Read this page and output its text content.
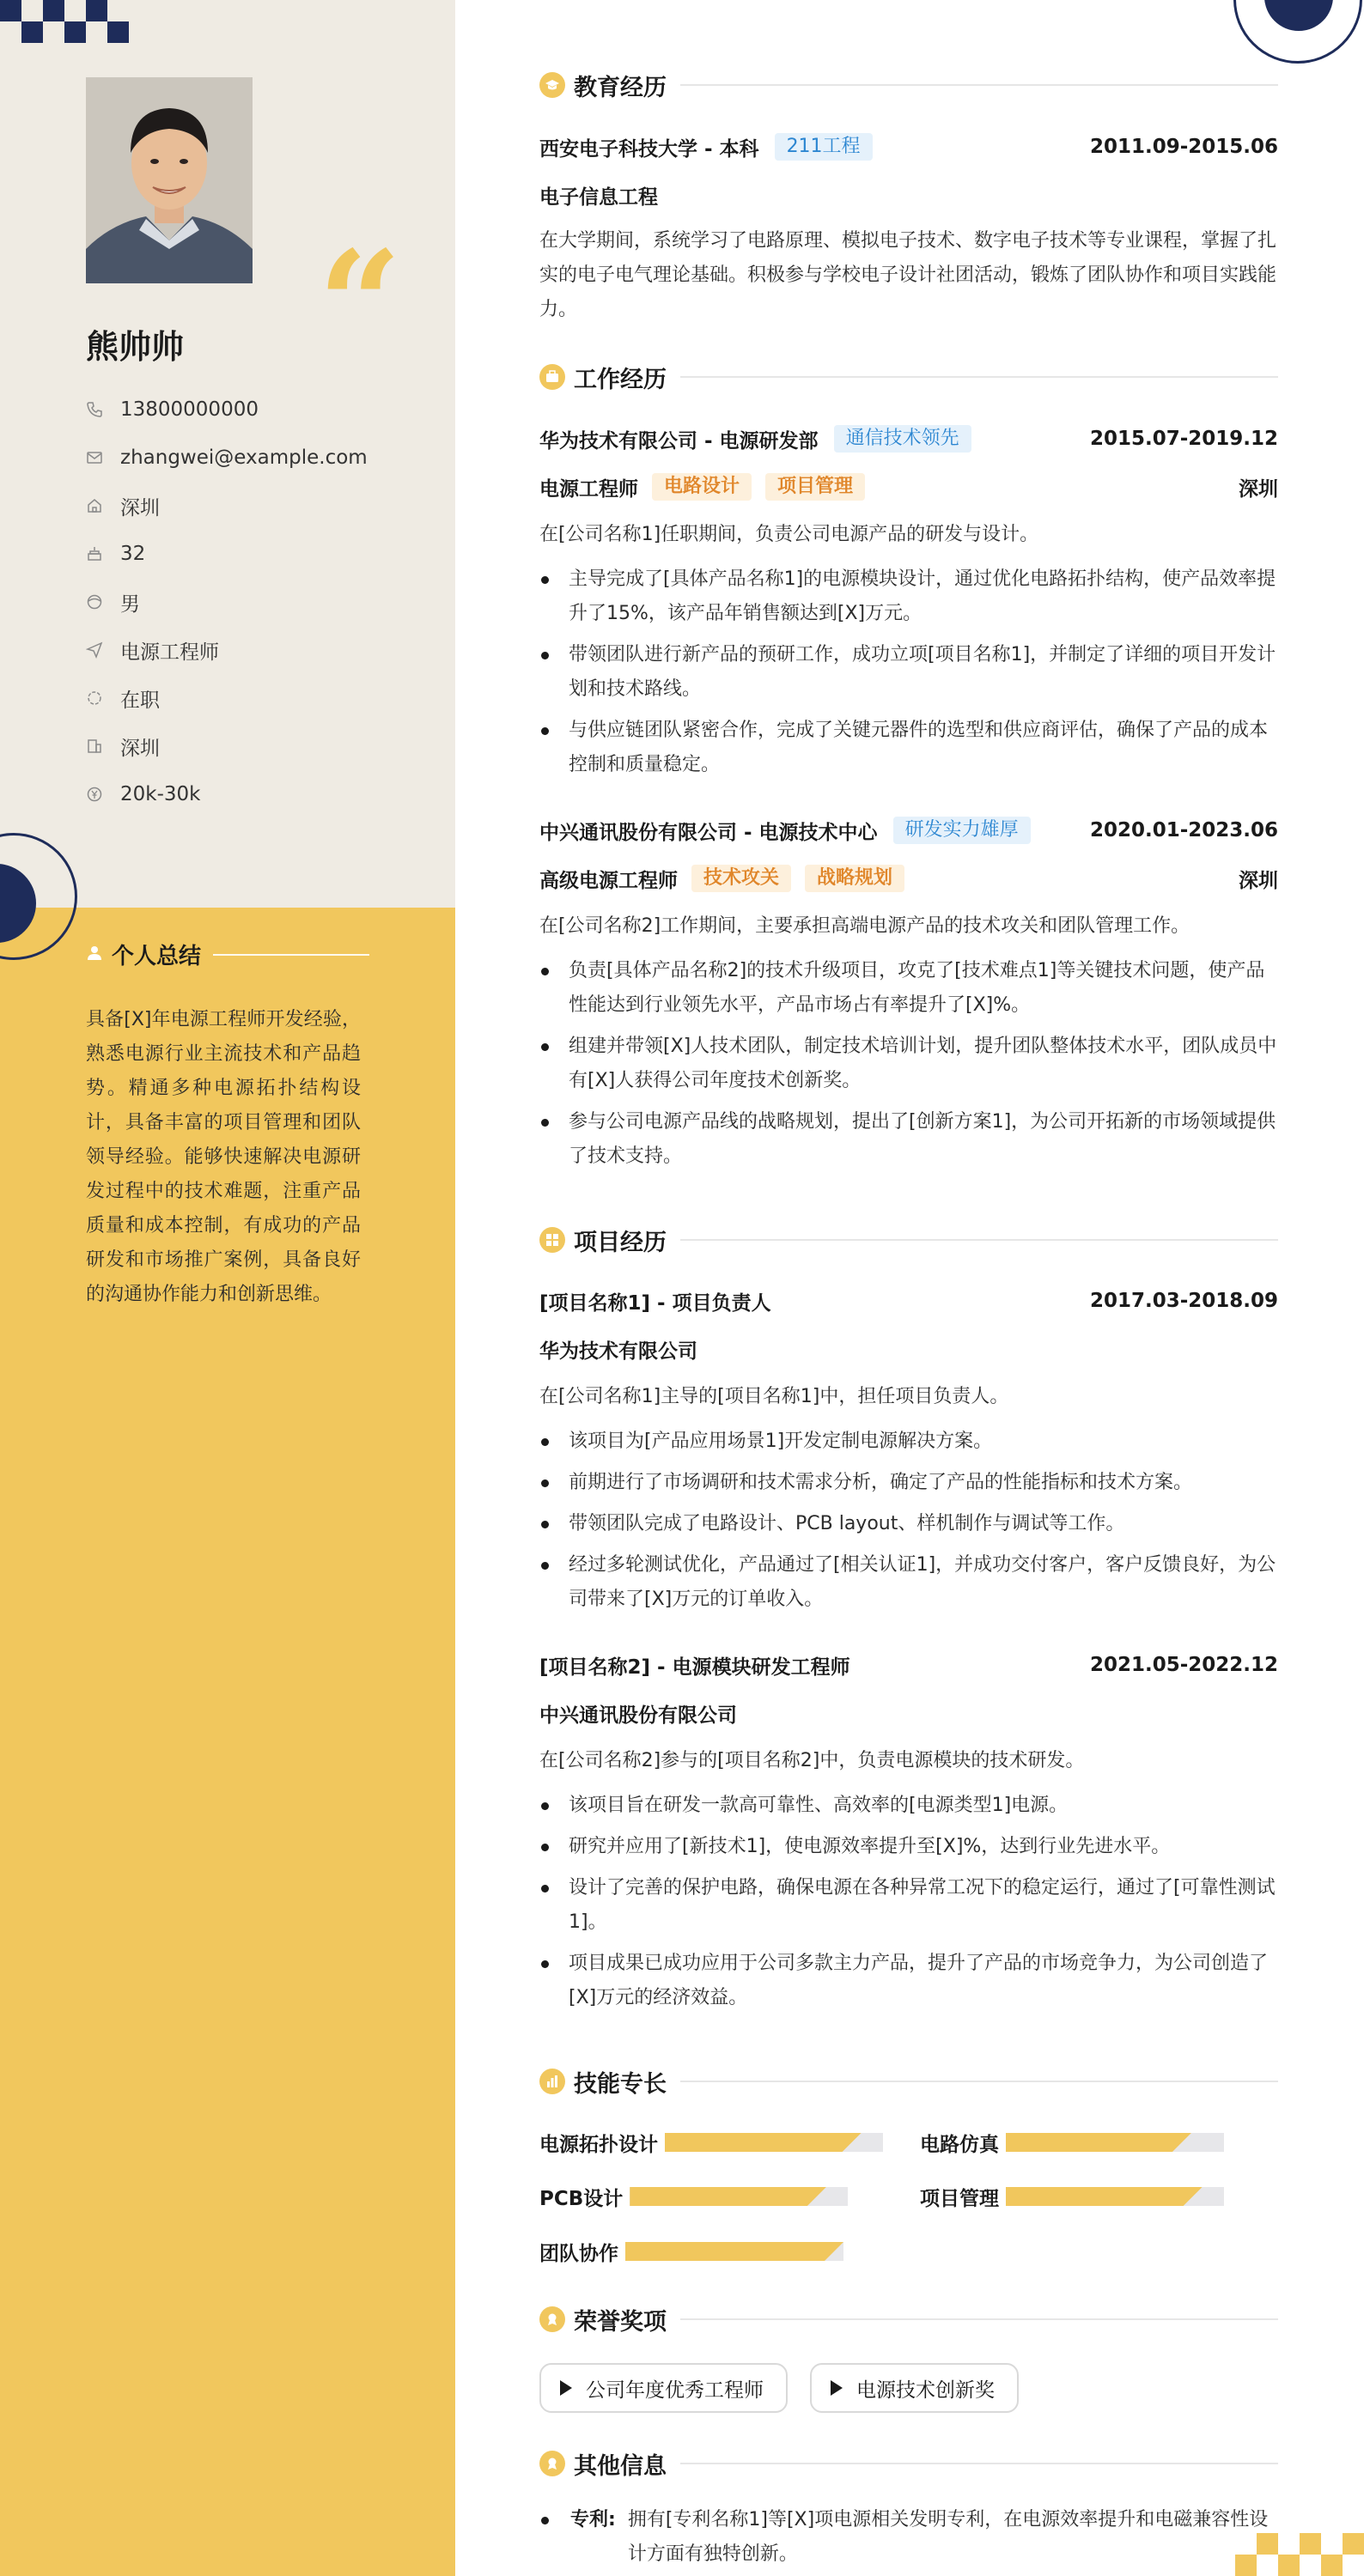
“
熊帅帅
13800000000
zhangwei@example.com
深圳
32
男
电源工程师
在职
深圳
20k-30k
个人总结
具备[X]年电源工程师开发经验，熟悉电源行业主流技术和产品趋势。精通多种电源拓扑结构设计，具备丰富的项目管理和团队领导经验。能够快速解决电源研发过程中的技术难题，注重产品质量和成本控制，有成功的产品研发和市场推广案例，具备良好的沟通协作能力和创新思维。
教育经历
西安电子科技大学 - 本科	211工程	2011.09-2015.06
电子信息工程
在大学期间，系统学习了电路原理、模拟电子技术、数字电子技术等专业课程，掌握了扎实的电子电气理论基础。积极参与学校电子设计社团活动，锻炼了团队协作和项目实践能力。
工作经历
华为技术有限公司 - 电源研发部	通信技术领先	2015.07-2019.12
电源工程师	电路设计	项目管理	深圳
在[公司名称1]任职期间，负责公司电源产品的研发与设计。
主导完成了[具体产品名称1]的电源模块设计，通过优化电路拓扑结构，使产品效率提升了15%，该产品年销售额达到[X]万元。
带领团队进行新产品的预研工作，成功立项[项目名称1]，并制定了详细的项目开发计划和技术路线。
与供应链团队紧密合作，完成了关键元器件的选型和供应商评估，确保了产品的成本控制和质量稳定。
中兴通讯股份有限公司 - 电源技术中心	研发实力雄厚	2020.01-2023.06
高级电源工程师	技术攻关	战略规划	深圳
在[公司名称2]工作期间，主要承担高端电源产品的技术攻关和团队管理工作。
负责[具体产品名称2]的技术升级项目，攻克了[技术难点1]等关键技术问题，使产品性能达到行业领先水平，产品市场占有率提升了[X]%。
组建并带领[X]人技术团队，制定技术培训计划，提升团队整体技术水平，团队成员中有[X]人获得公司年度技术创新奖。
参与公司电源产品线的战略规划，提出了[创新方案1]，为公司开拓新的市场领域提供了技术支持。
项目经历
[项目名称1] - 项目负责人	2017.03-2018.09
华为技术有限公司
在[公司名称1]主导的[项目名称1]中，担任项目负责人。
该项目为[产品应用场景1]开发定制电源解决方案。
前期进行了市场调研和技术需求分析，确定了产品的性能指标和技术方案。
带领团队完成了电路设计、PCB layout、样机制作与调试等工作。
经过多轮测试优化，产品通过了[相关认证1]，并成功交付客户，客户反馈良好，为公司带来了[X]万元的订单收入。
[项目名称2] - 电源模块研发工程师	2021.05-2022.12
中兴通讯股份有限公司
在[公司名称2]参与的[项目名称2]中，负责电源模块的技术研发。
该项目旨在研发一款高可靠性、高效率的[电源类型1]电源。
研究并应用了[新技术1]，使电源效率提升至[X]%，达到行业先进水平。
设计了完善的保护电路，确保电源在各种异常工况下的稳定运行，通过了[可靠性测试1]。
项目成果已成功应用于公司多款主力产品，提升了产品的市场竞争力，为公司创造了[X]万元的经济效益。
技能专长
电源拓扑设计	电路仿真
PCB设计	项目管理
团队协作
荣誉奖项
公司年度优秀工程师	电源技术创新奖
其他信息
专利: 拥有[专利名称1]等[X]项电源相关发明专利，在电源效率提升和电磁兼容性设计方面有独特创新。
